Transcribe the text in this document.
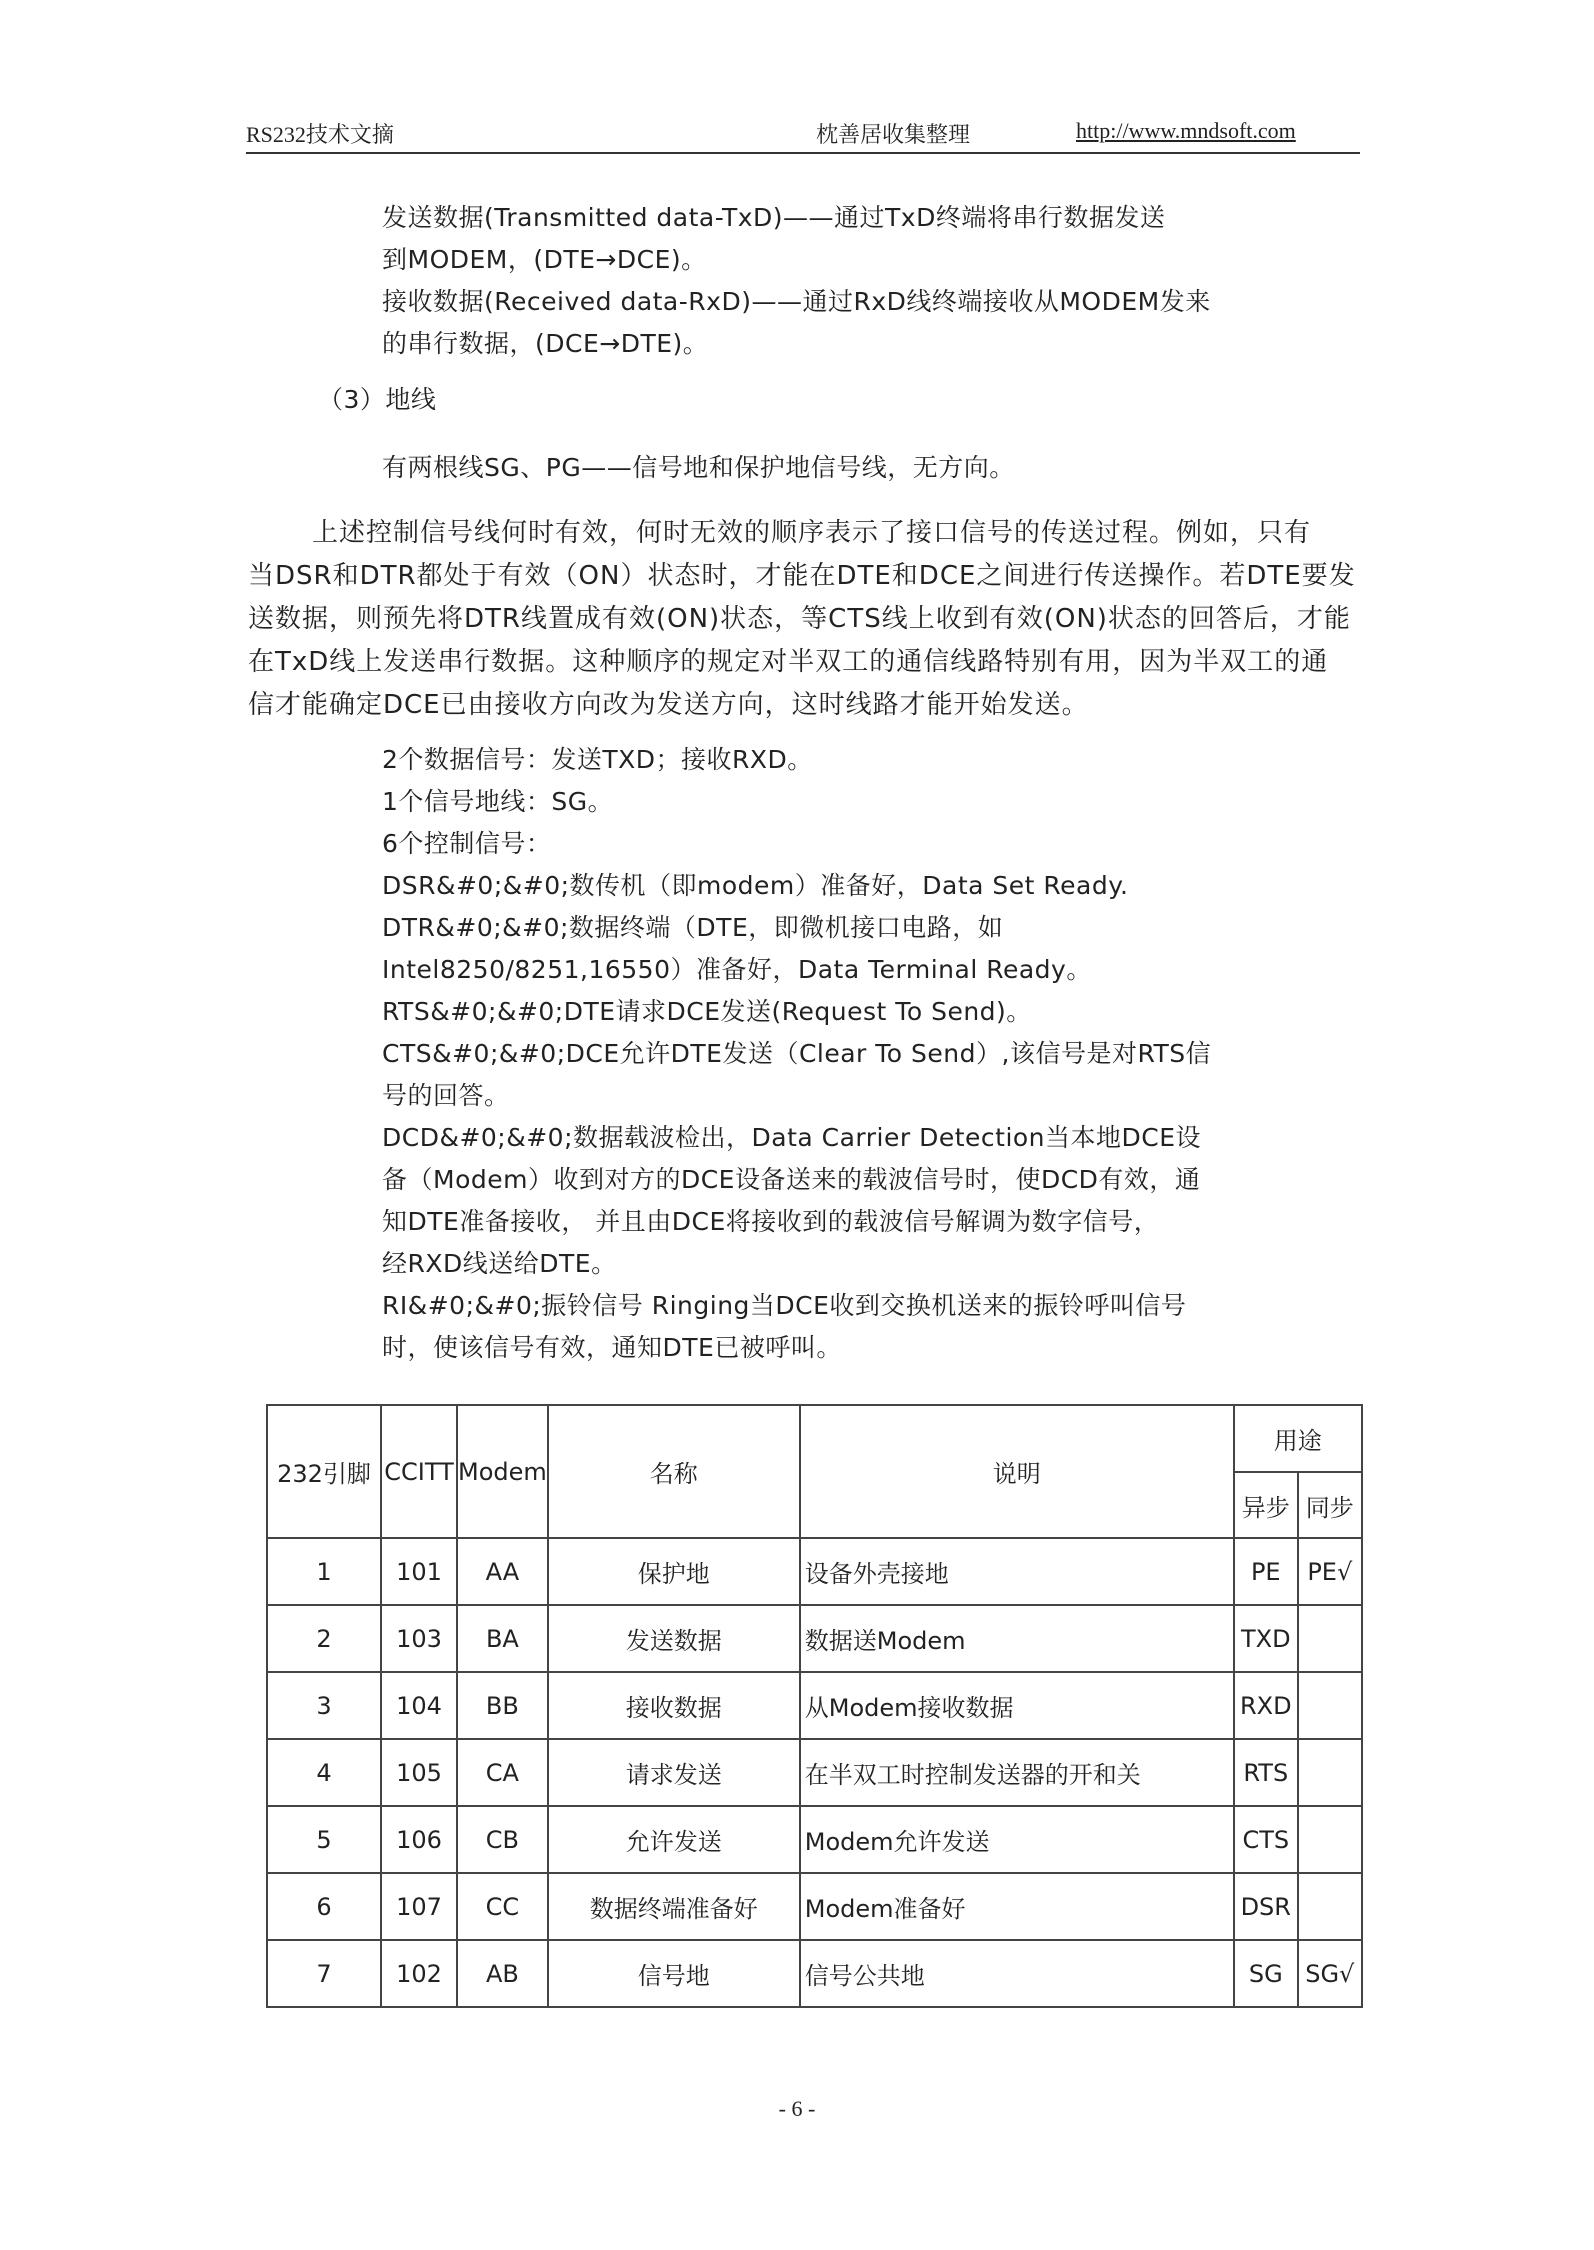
RS232技术文摘	枕善居收集整理	http://www.mndsoft.com
发送数据(Transmitted data-TxD)——通过TxD终端将串行数据发送
到MODEM，(DTE→DCE)。
接收数据(Received data-RxD)——通过RxD线终端接收从MODEM发来
的串行数据，(DCE→DTE)。
（3）地线
有两根线SG、PG——信号地和保护地信号线，无方向。

上述控制信号线何时有效，何时无效的顺序表示了接口信号的传送过程。例如，只有

当DSR和DTR都处于有效（ON）状态时，才能在DTE和DCE之间进行传送操作。若DTE要发

送数据，则预先将DTR线置成有效(ON)状态，等CTS线上收到有效(ON)状态的回答后，才能

在TxD线上发送串行数据。这种顺序的规定对半双工的通信线路特别有用，因为半双工的通

信才能确定DCE已由接收方向改为发送方向，这时线路才能开始发送。

2个数据信号：发送TXD；接收RXD。
1个信号地线：SG。
6个控制信号：
DSR&#0;&#0;数传机（即modem）准备好，Data Set Ready.
DTR&#0;&#0;数据终端（DTE，即微机接口电路，如
Intel8250/8251,16550）准备好，Data Terminal Ready。
RTS&#0;&#0;DTE请求DCE发送(Request To Send)。
CTS&#0;&#0;DCE允许DTE发送（Clear To Send）,该信号是对RTS信
号的回答。
DCD&#0;&#0;数据载波检出，Data Carrier Detection当本地DCE设
备（Modem）收到对方的DCE设备送来的载波信号时，使DCD有效，通
知DTE准备接收， 并且由DCE将接收到的载波信号解调为数字信号，
经RXD线送给DTE。
RI&#0;&#0;振铃信号 Ringing当DCE收到交换机送来的振铃呼叫信号
时，使该信号有效，通知DTE已被呼叫。
232引脚	CCITT	Modem	名称	说明	用途	
					异步	同步
1	101	AA	保护地	设备外壳接地	PE	PE√
2	103	BA	发送数据	数据送Modem	TXD	
3	104	BB	接收数据	从Modem接收数据	RXD	
4	105	CA	请求发送	在半双工时控制发送器的开和关	RTS	
5	106	CB	允许发送	Modem允许发送	CTS	
6	107	CC	数据终端准备好	Modem准备好	DSR	
7	102	AB	信号地	信号公共地	SG	SG√
- 6 -
